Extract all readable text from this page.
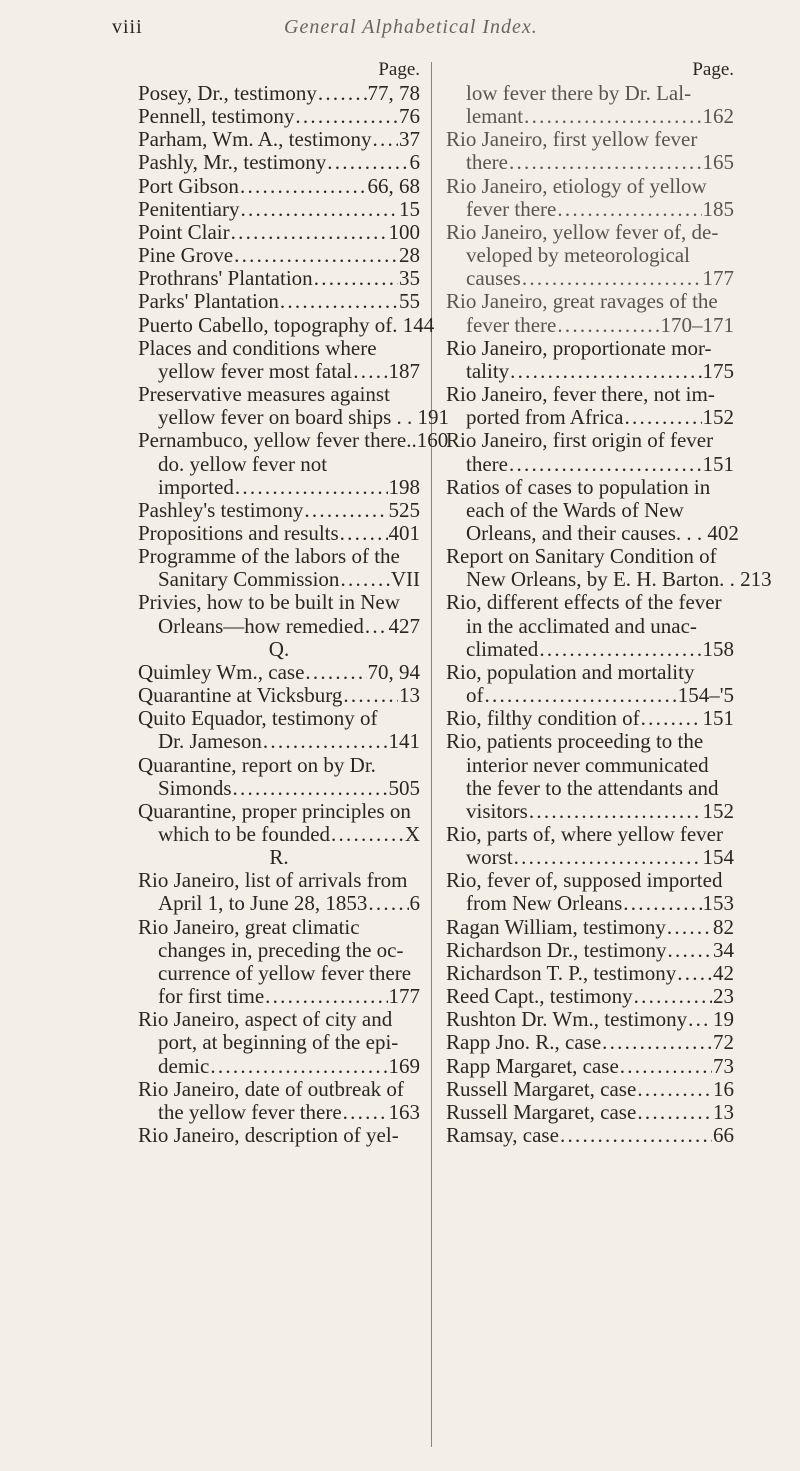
viii	General Alphabetical Index.
Page.
Posey, Dr., testimony . . . 77, 78
Pennell, testimony . . .	76
Parham, Wm. A., testimony . . . 37
Pashly, Mr., testimony . . .	6
Port Gibson . . .	66, 68
Penitentiary . . .	15
Point Clair . . .	100
Pine Grove . . .	28
Prothrans' Plantation . . .	35
Parks' Plantation . . .	55
Puerto Cabello, topography of. 144
Places and conditions where
yellow fever most fatal . . . 187
Preservative measures against
yellow fever on board ships . . 191
Pernambuco, yellow fever there..160
do. yellow fever not
imported . . .	198
Pashley's testimony . . .	525
Propositions and results . . . 401
Programme of the labors of the
Sanitary Commission . . . VII
Privies, how to be built in New
Orleans—how remedied . . . 427
Q.
Quimley Wm., case . . .	70, 94
Quarantine at Vicksburg . . .	13
Quito Equador, testimony of
Dr. Jameson . . .	141
Quarantine, report on by Dr.
Simonds . . .	505
Quarantine, proper principles on
which to be founded . . .	X
R.
Rio Janeiro, list of arrivals from
April 1, to June 28, 1853 . . . 6
Rio Janeiro, great climatic
changes in, preceding the oc-
currence of yellow fever there
for first time . . .	177
Rio Janeiro, aspect of city and
port, at beginning of the epi-
demic . . .	169
Rio Janeiro, date of outbreak of
the yellow fever there . . . 163
Rio Janeiro, description of yel-
Page.
low fever there by Dr. Lal-
lemant . . .	162
Rio Janeiro, first yellow fever
there . . .	165
Rio Janeiro, etiology of yellow
fever there . . .	185
Rio Janeiro, yellow fever of, de-
veloped by meteorological
causes . . .	177
Rio Janeiro, great ravages of the
fever there . . .	170–171
Rio Janeiro, proportionate mor-
tality . . .	175
Rio Janeiro, fever there, not im-
ported from Africa . . .	152
Rio Janeiro, first origin of fever
there . . .	151
Ratios of cases to population in
each of the Wards of New
Orleans, and their causes. . . 402
Report on Sanitary Condition of
New Orleans, by E. H. Barton. . 213
Rio, different effects of the fever
in the acclimated and unac-
climated . . .	158
Rio, population and mortality
of . . .	154–'5
Rio, filthy condition of . . .	151
Rio, patients proceeding to the
interior never communicated
the fever to the attendants and
visitors . . .	152
Rio, parts of, where yellow fever
worst . . .	154
Rio, fever of, supposed imported
from New Orleans . . .	153
Ragan William, testimony . . . 82
Richardson Dr., testimony . . . 34
Richardson T. P., testimony . . . 42
Reed Capt., testimony . . .	23
Rushton Dr. Wm., testimony . . . 19
Rapp Jno. R., case . . .	72
Rapp Margaret, case . . .	73
Russell Margaret, case . . .	16
Russell Margaret, case . . .	13
Ramsay, case . . .	66
